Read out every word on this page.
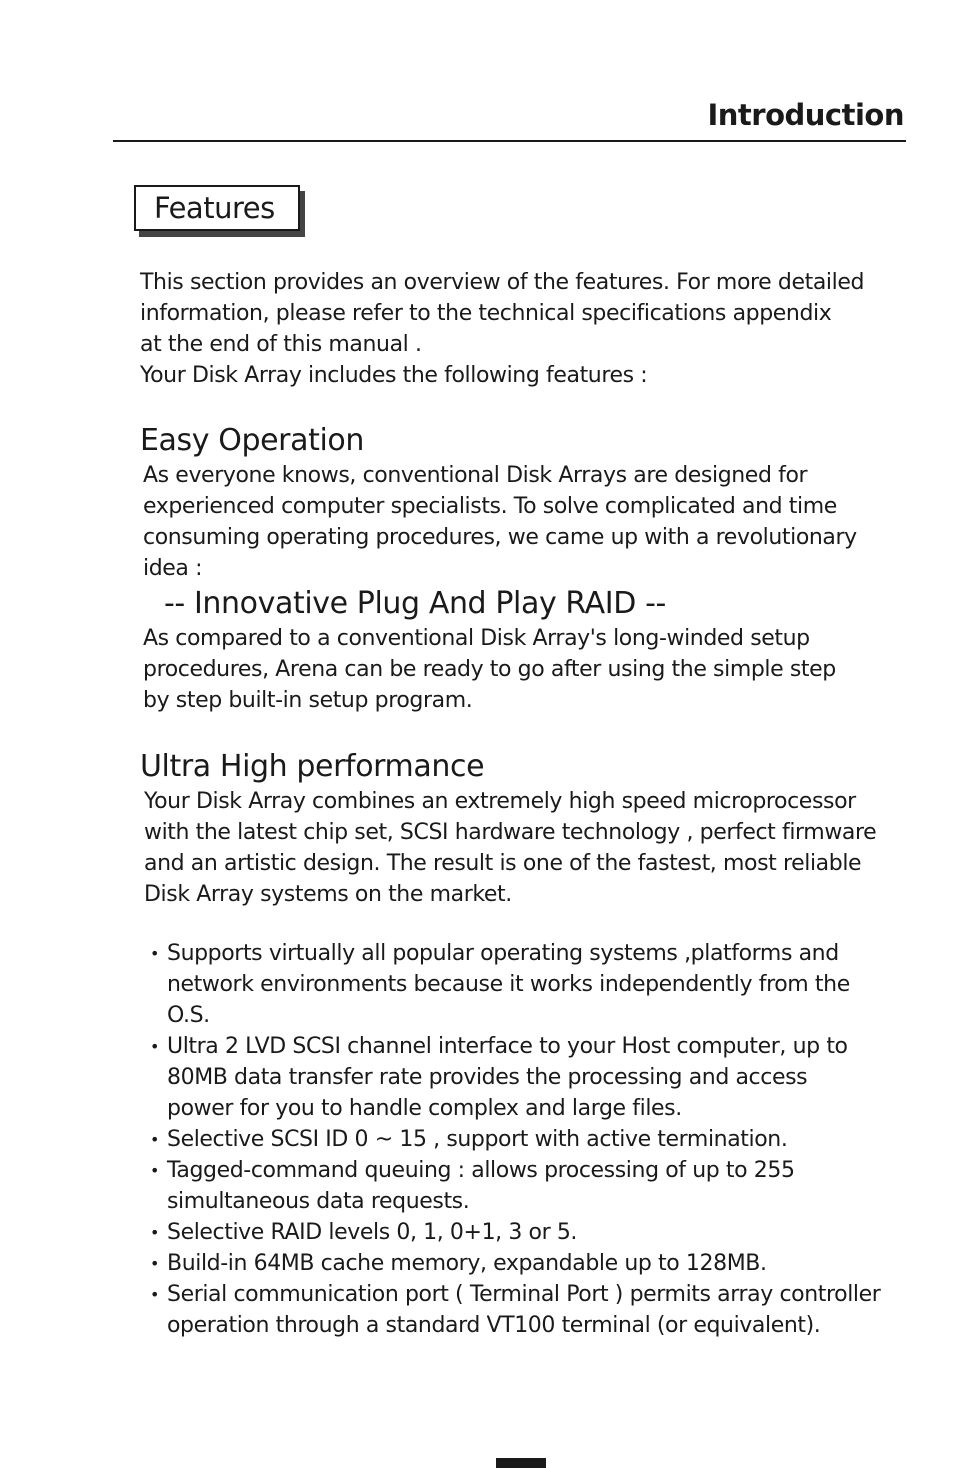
Introduction
Features
This section provides an overview of the features. For more detailed
information, please refer to the technical specifications appendix
at the end of this manual .
Your Disk Array includes the following features :
Easy Operation
As everyone knows, conventional Disk Arrays are designed for
experienced computer specialists. To solve complicated and time
consuming operating procedures, we came up with a revolutionary
idea :
-- Innovative Plug And Play RAID --
As compared to a conventional Disk Array's long-winded setup
procedures, Arena can be ready to go after using the simple step
by step built-in setup program.
Ultra High performance
Your Disk Array combines an extremely high speed microprocessor
with the latest chip set, SCSI hardware technology , perfect firmware
and an artistic design. The result is one of the fastest, most reliable
Disk Array systems on the market.
• Supports virtually all popular operating systems ,platforms and
network environments because it works independently from the
O.S.
• Ultra 2 LVD SCSI channel interface to your Host computer, up to
80MB data transfer rate provides the processing and access
power for you to handle complex and large files.
• Selective SCSI ID 0 ~ 15 , support with active termination.
• Tagged-command queuing : allows processing of up to 255
simultaneous data requests.
• Selective RAID levels 0, 1, 0+1, 3 or 5.
• Build-in 64MB cache memory, expandable up to 128MB.
• Serial communication port ( Terminal Port ) permits array controller
operation through a standard VT100 terminal (or equivalent).
